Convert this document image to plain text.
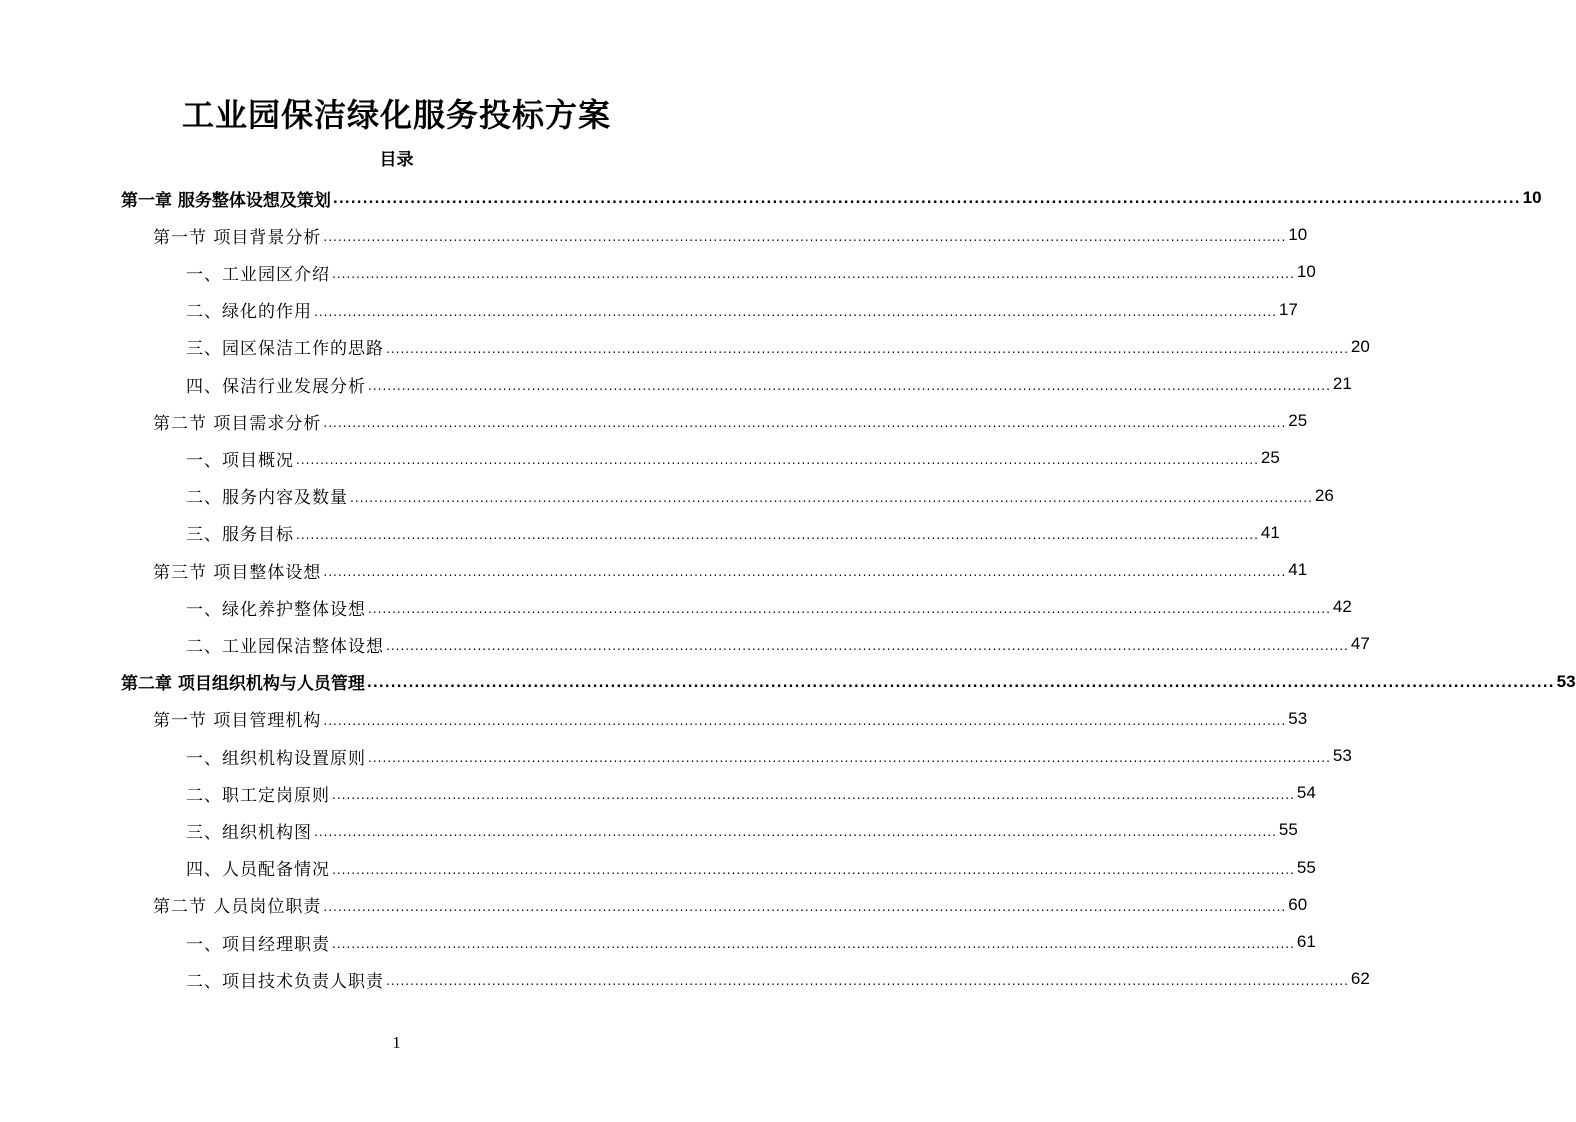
工业园保洁绿化服务投标方案
目录
第一章 服务整体设想及策划 ........................................................................................................................................................................................................ 10
第一节 项目背景分析 ........................................................................................................................................................................................................ 10
一、工业园区介绍 ........................................................................................................................................................................................................ 10
二、绿化的作用 ........................................................................................................................................................................................................ 17
三、园区保洁工作的思路 ........................................................................................................................................................................................................ 20
四、保洁行业发展分析 ........................................................................................................................................................................................................ 21
第二节 项目需求分析 ........................................................................................................................................................................................................ 25
一、项目概况 ........................................................................................................................................................................................................ 25
二、服务内容及数量 ........................................................................................................................................................................................................ 26
三、服务目标 ........................................................................................................................................................................................................ 41
第三节 项目整体设想 ........................................................................................................................................................................................................ 41
一、绿化养护整体设想 ........................................................................................................................................................................................................ 42
二、工业园保洁整体设想 ........................................................................................................................................................................................................ 47
第二章 项目组织机构与人员管理 ........................................................................................................................................................................................................ 53
第一节 项目管理机构 ........................................................................................................................................................................................................ 53
一、组织机构设置原则 ........................................................................................................................................................................................................ 53
二、职工定岗原则 ........................................................................................................................................................................................................ 54
三、组织机构图 ........................................................................................................................................................................................................ 55
四、人员配备情况 ........................................................................................................................................................................................................ 55
第二节 人员岗位职责 ........................................................................................................................................................................................................ 60
一、项目经理职责 ........................................................................................................................................................................................................ 61
二、项目技术负责人职责 ........................................................................................................................................................................................................ 62
1
